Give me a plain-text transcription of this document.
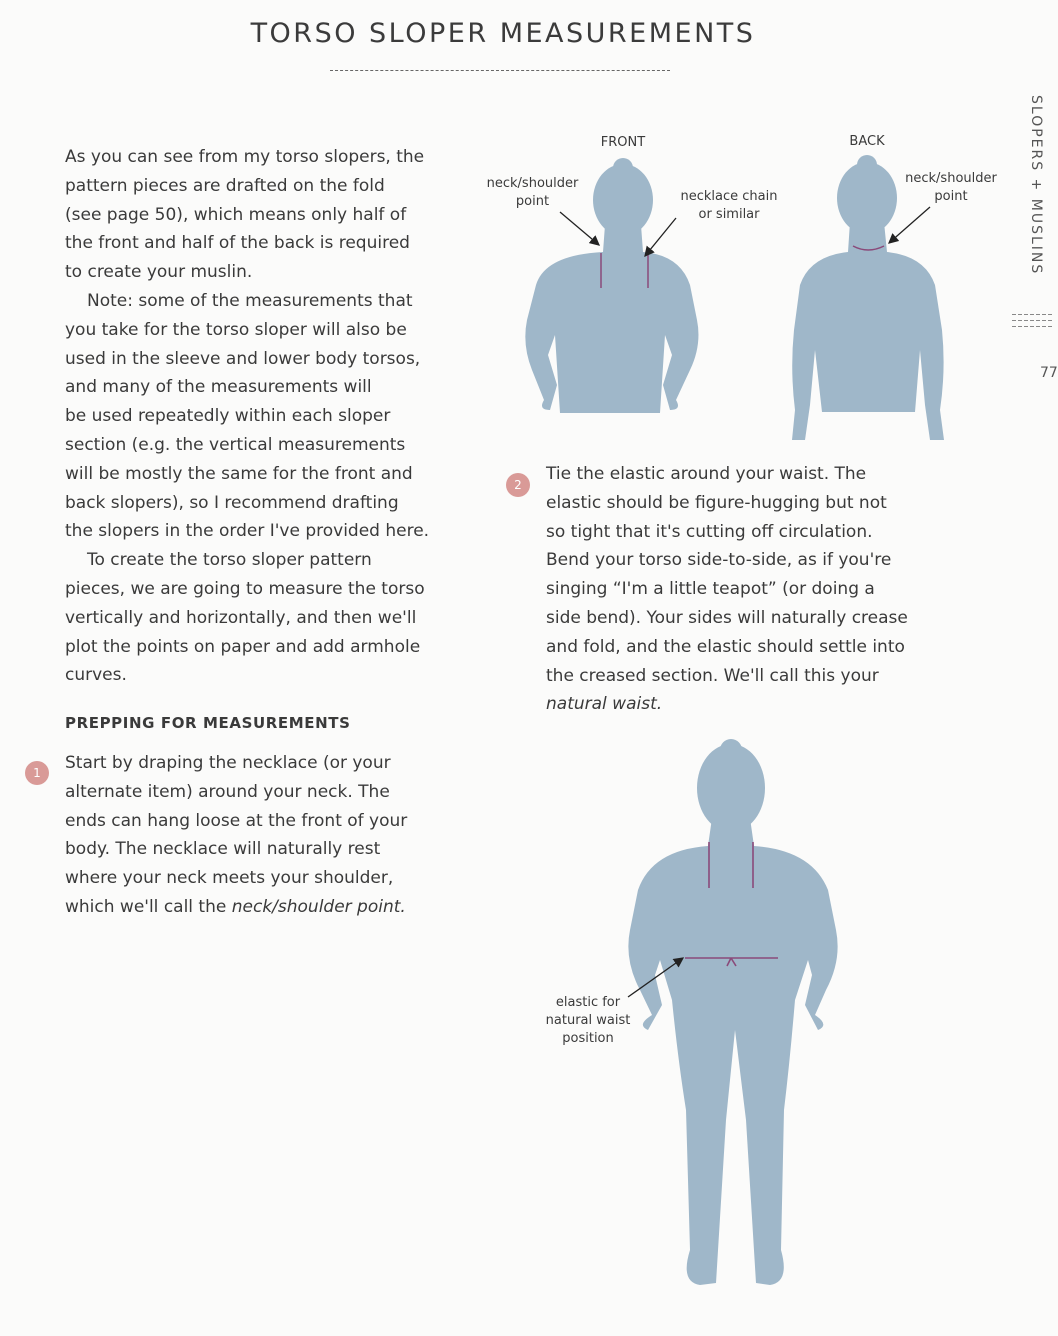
TORSO SLOPER MEASUREMENTS
SLOPERS + MUSLINS
77
As you can see from my torso slopers, the
pattern pieces are drafted on the fold
(see page 50), which means only half of
the front and half of the back is required
to create your muslin.
Note: some of the measurements that
you take for the torso sloper will also be
used in the sleeve and lower body torsos,
and many of the measurements will
be used repeatedly within each sloper
section (e.g. the vertical measurements
will be mostly the same for the front and
back slopers), so I recommend drafting
the slopers in the order I've provided here.
To create the torso sloper pattern
pieces, we are going to measure the torso
vertically and horizontally, and then we'll
plot the points on paper and add armhole
curves.
PREPPING FOR MEASUREMENTS
1	Start by draping the necklace (or your
alternate item) around your neck. The
ends can hang loose at the front of your
body. The necklace will naturally rest
where your neck meets your shoulder,
which we'll call the neck/shoulder point.
2
Tie the elastic around your waist. The
elastic should be figure-hugging but not
so tight that it's cutting off circulation.
Bend your torso side-to-side, as if you're
singing “I'm a little teapot” (or doing a
side bend). Your sides will naturally crease
and fold, and the elastic should settle into
the creased section. We'll call this your
natural waist.
FRONT	BACK
neck/shoulder
point	necklace chain
or similar
neck/shoulder
point
elastic for
natural waist
position
